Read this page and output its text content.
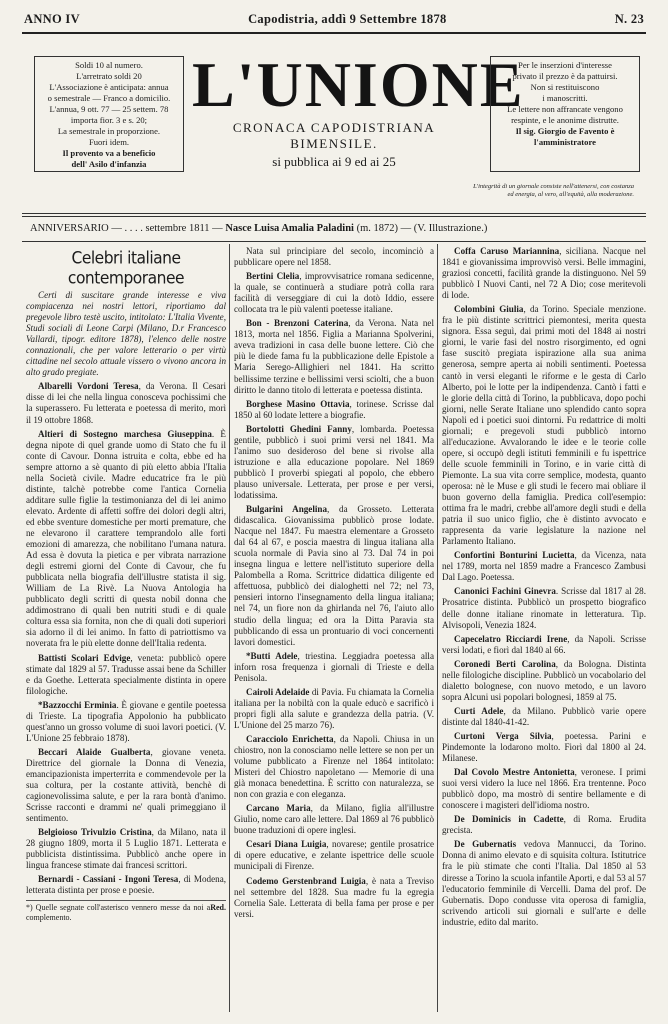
ANNO IV	Capodistria, addì 9 Settembre 1878	N. 23
Soldi 10 al numero.
L'arretrato soldi 20
L'Associazione è anticipata: annua
o semestrale — Franco a domicilio.
L'annua, 9 ott. 77 — 25 settem. 78
importa fior. 3 e s. 20;
La semestrale in proporzione.
Fuori idem.
Il provento va a beneficio
dell' Asilo d'infanzia
L'UNIONE
CRONACA CAPODISTRIANA BIMENSILE.
si pubblica ai 9 ed ai 25
Per le inserzioni d'interesse
privato il prezzo è da pattuirsi.
Non si restituiscono
i manoscritti.
Le lettere non affrancate vengono
respinte, e le anonime distrutte.
Il sig. Giorgio de Favento è
l'amministratore
L'integrità di un giornale consiste nell'attenersi, con costanza
ed energia, al vero, all'equità, alla moderazione.
ANNIVERSARIO — . . . . settembre 1811 — Nasce Luisa Amalia Paladini (m. 1872) — (V. Illustrazione.)
Celebri italiane contemporanee
Certi di suscitare grande interesse e viva compiacenza nei nostri lettori, riportiamo dal pregevole libro testè uscito, intitolato: L'Italia Vivente, Studi sociali di Leone Carpi (Milano, D.r Francesco Vallardi, tipogr. editore 1878), l'elenco delle nostre connazionali, che per valore letterario o per virtù cittadine nel secolo attuale vissero o vivono ancora in alto grado pregiate.
Albarelli Vordoni Teresa, da Verona. Il Cesari disse di lei che nella lingua conosceva pochissimi che la superassero. Fu letterata e poetessa di merito, morì il 19 ottobre 1868.
Altieri di Sostegno marchesa Giuseppina. È degna nipote di quel grande uomo di Stato che fu il conte di Cavour. Donna istruita e colta, ebbe ed ha sempre attorno a sè quanto di più eletto abbia l'Italia nella Società civile. Madre educatrice fra le più distinte, talchè potrebbe come l'antica Cornelia additare sulle figlie la testimonianza del di lei animo elevato. Ardente di affetti soffre dei dolori degli altri, ed ebbe sventure domestiche per morti premature, che ne elevarono il carattere temprandolo alle forti emozioni di amarezza, che nobilitano l'umana natura. Ad essa è dovuta la pietica e per vibrata narrazione degli estremi giorni del Conte di Cavour, che fu pubblicata nella biografia dell'illustre statista il sig. William de La Rivè. La Nuova Antologia ha pubblicato degli scritti di questa nobil donna che addimostrano di quali ben nutriti studi e di quale coltura essa sia fornita, non che di quali doti superiori sia adorno il di lei animo. In fatto di patriottismo va noverata fra le più elette donne dell'Italia redenta.
Battisti Scolari Edvige, veneta: pubblicò opere stimate dal 1829 al 57. Tradusse assai bene da Schiller e da Goethe. Letterata specialmente distinta in opere filologiche.
*Bazzocchi Erminia. È giovane e gentile poetessa di Trieste. La tipografia Appolonio ha pubblicato quest'anno un grosso volume di suoi lavori poetici. (V. L'Unione 25 febbraio 1878).
Beccari Alaide Gualberta, giovane veneta. Direttrice del giornale la Donna di Venezia, emancipazionista imperterrita e commendevole per la sua coltura, per la costante attività, benchè di cagionevolissima salute, e per la rara bontà d'animo. Scrisse racconti e drammi ne' quali primeggiano il sentimento.
Belgioioso Trivulzio Cristina, da Milano, nata il 28 giugno 1809, morta il 5 Luglio 1871. Letterata e pubblicista distintissima. Pubblicò anche opere in lingua francese stimate dai francesi scrittori.
Bernardi - Cassiani - Ingoni Teresa, di Modena, letterata distinta per prose e poesie.
Red.
*) Quelle segnate coll'asterisco vennero messe da noi a complemento.
Nata sul principiare del secolo, incominciò a pubblicare opere nel 1858.
Bertini Clelia, improvvisatrice romana sedicenne, la quale, se continuerà a studiare potrà colla rara facilità di verseggiare di cui la dotò Iddio, essere collocata tra le più valenti poetesse italiane.
Bon - Brenzoni Caterina, da Verona. Nata nel 1813, morta nel 1856. Figlia a Marianna Spolverini, aveva tradizioni in casa delle buone lettere. Ciò che più le diede fama fu la pubblicazione delle Epistole a Maria Serego-Allighieri nel 1841. Ha scritto bellissime terzine e bellissimi versi sciolti, che a buon diritto le danno titolo di letterata e poetessa distinta.
Borghese Masino Ottavia, torinese. Scrisse dal 1850 al 60 lodate lettere a biografie.
Bortolotti Ghedini Fanny, lombarda. Poetessa gentile, pubblicò i suoi primi versi nel 1841. Ma l'animo suo desideroso del bene si rivolse alla istruzione e alla educazione popolare. Nel 1869 pubblicò I proverbi spiegati al popolo, che ebbero plauso universale. Letterata, per prose e per versi, lodatissima.
Bulgarini Angelina, da Grosseto. Letterata didascalica. Giovanissima pubblicò prose lodate. Nacque nel 1847. Fu maestra elementare a Grosseto dal 64 al 67, e poscia maestra di lingua italiana alla scuola normale di Pavia sino al 73. Dal 74 in poi insegna lingua e lettere nell'istituto superiore della Palombella a Roma. Scrittrice didattica diligente ed affettuosa, pubblicò dei dialoghetti nel 72; nel 73, pensieri intorno l'insegnamento della lingua italiana; nel 74, un fiore non da ghirlanda nel 76, l'aiuto allo studio della lingua; ed ora la Ditta Paravia sta pubblicando di essa un prontuario di voci concernenti lavori domestici.
*Butti Adele, triestina. Leggiadra poetessa alla inforn rosa frequenza i giornali di Trieste e della Penisola.
Cairoli Adelaide di Pavia. Fu chiamata la Cornelia italiana per la nobiltà con la quale educò e sacrificò i propri figli alla salute e grandezza della patria. (V. L'Unione del 25 marzo 76).
Caracciolo Enrichetta, da Napoli. Chiusa in un chiostro, non la conosciamo nelle lettere se non per un volume pubblicato a Firenze nel 1864 intitolato: Misteri del Chiostro napoletano — Memorie di una già monaca benedettina. È scritto con naturalezza, se non con grazia e con eleganza.
Carcano Maria, da Milano, figlia all'illustre Giulio, nome caro alle lettere. Dal 1869 al 76 pubblicò buone traduzioni di opere inglesi.
Cesari Diana Luigia, novarese; gentile prosatrice di opere educative, e zelante ispettrice delle scuole municipali di Firenze.
Codemo Gerstenbrand Luigia, è nata a Treviso nel settembre del 1828. Sua madre fu la egregia Cornelia Sale. Letterata di bella fama per prose e per versi.
Coffa Caruso Mariannina, siciliana. Nacque nel 1841 e giovanissima improvvisò versi. Belle immagini, graziosi concetti, facilità grande la distinguono. Nel 59 pubblicò I Nuovi Canti, nel 72 A Dio; cose meritevoli di lode.
Colombini Giulia, da Torino. Speciale menzione. fra le più distinte scrittrici piemontesi, merita questa signora. Essa seguì, dai primi moti del 1848 ai nostri giorni, le varie fasi del nostro risorgimento, ed ogni fase suscitò pregiata ispirazione alla sua anima generosa, sempre aperta ai nobili sentimenti. Poetessa cantò in versi eleganti le riforme e le gesta di Carlo Alberto, poi le lotte per la indipendenza. Cantò i fatti e le glorie della città di Torino, la pubblicava, dopo pochi giorni, nelle Serate Italiane uno splendido canto sopra Napoli ed i poetici suoi dintorni. Fu redattrice di molti giornali; e pregevoli studi pubblicò intorno all'educazione. Avvalorando le idee e le teorie colle opere, si occupò degli istituti femminili e fu ispettrice delle scuole femminili in Torino, e in varie città di Piemonte. La sua vita corre semplice, modesta, quanto operosa: nè le Muse e gli studi le fecero mai obliare il buon governo della famiglia. Predica coll'esempio: ottima fra le madri, crebbe all'amore degli studi e della patria il suo unico figlio, che è distinto avvocato e rappresenta da varie legislature la nazione nel Parlamento Italiano.
Confortini Bonturini Lucietta, da Vicenza, nata nel 1789, morta nel 1859 madre a Francesco Zambusi Dal Lago. Poetessa.
Canonici Fachini Ginevra. Scrisse dal 1817 al 28. Prosatrice distinta. Pubblicò un prospetto biografico delle donne italiane rinomate in letteratura. Tip. Alvisopoli, Venezia 1824.
Capecelatro Ricciardi Irene, da Napoli. Scrisse versi lodati, e fiorì dal 1840 al 66.
Coronedi Berti Carolina, da Bologna. Distinta nelle filologiche discipline. Pubblicò un vocabolario del dialetto bolognese, con nuovo metodo, e un lavoro sopra Alcuni usi popolari bolognesi, 1859 al 75.
Curti Adele, da Milano. Pubblicò varie opere distinte dal 1840-41-42.
Curtoni Verga Silvia, poetessa. Parini e Pindemonte la lodarono molto. Fiorì dal 1800 al 24. Milanese.
Dal Covolo Mestre Antonietta, veronese. I primi suoi versi videro la luce nel 1866. Era trentenne. Poco pubblicò dopo, ma mostrò di sentire bellamente e di conoscere i magisteri dell'idioma nostro.
De Dominicis in Cadette, di Roma. Erudita grecista.
De Gubernatis vedova Mannucci, da Torino. Donna di animo elevato e di squisita coltura. Istitutrice fra le più stimate che conti l'Italia. Dal 1850 al 53 diresse a Torino la scuola infantile Aporti, e dal 53 al 57 l'educatorio femminile di Vercelli. Dama del prof. De Gubernatis. Dopo condusse vita operosa di famiglia, scrivendo articoli sui giornali e sull'arte e delle industrie, edito dal marito.
